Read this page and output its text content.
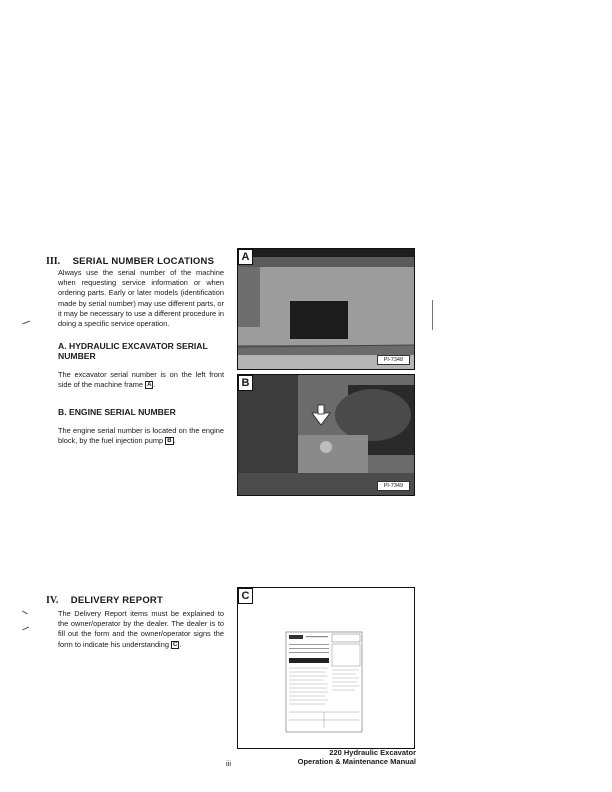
III. SERIAL NUMBER LOCATIONS
Always use the serial number of the machine when requesting service information or when ordering parts. Early or later models (identification made by serial number) may use different parts, or it may be necessary to use a different procedure in doing a specific service operation.
A. HYDRAULIC EXCAVATOR SERIAL NUMBER
The excavator serial number is on the left front side of the machine frame A .
B. ENGINE SERIAL NUMBER
The engine serial number is located on the engine block, by the fuel injection pump B .
A
PI-7348
B
PI-7349
IV. DELIVERY REPORT
The Delivery Report items must be explained to the owner/operator by the dealer. The dealer is to fill out the form and the owner/operator signs the form to indicate his understanding C .
C
iii
220 Hydraulic Excavator
Operation & Maintenance Manual
